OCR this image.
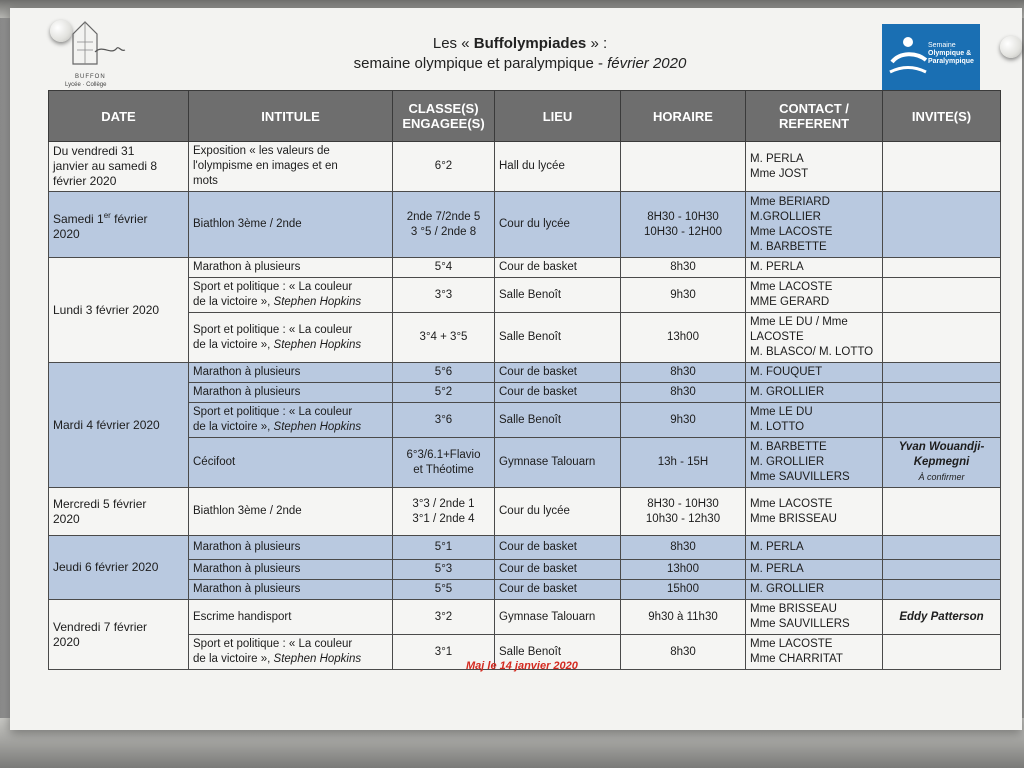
BUFFON
Lycée · Collège
Semaine
Olympique &
Paralympique
Les « Buffolympiades » :
semaine olympique et paralympique - février 2020
DATE	INTITULE	CLASSE(S)
ENGAGEE(S)	LIEU	HORAIRE	CONTACT /
REFERENT	INVITE(S)
Du vendredi 31
janvier au samedi 8
février 2020	Exposition « les valeurs de
l'olympisme en images et en
mots	6°2	Hall du lycée		M. PERLA
Mme JOST	
Samedi 1er février
2020	Biathlon 3ème / 2nde	2nde 7/2nde 5
3 °5 / 2nde 8	Cour du lycée	8H30 - 10H30
10H30 - 12H00	Mme BERIARD
M.GROLLIER
Mme LACOSTE
M. BARBETTE	
Lundi 3 février 2020	Marathon à plusieurs	5°4	Cour de basket	8h30	M. PERLA	
	Sport et politique : « La couleur
de la victoire », Stephen Hopkins	3°3	Salle Benoît	9h30	Mme LACOSTE
MME GERARD	
	Sport et politique : « La couleur
de la victoire », Stephen Hopkins	3°4 + 3°5	Salle Benoît	13h00	Mme LE DU / Mme
LACOSTE
M. BLASCO/ M. LOTTO	
Mardi 4 février 2020	Marathon à plusieurs	5°6	Cour de basket	8h30	M. FOUQUET	
	Marathon à plusieurs	5°2	Cour de basket	8h30	M. GROLLIER	
	Sport et politique : « La couleur
de la victoire », Stephen Hopkins	3°6	Salle Benoît	9h30	Mme LE DU
M. LOTTO	
	Cécifoot	6°3/6.1+Flavio
et Théotime	Gymnase Talouarn	13h - 15H	M. BARBETTE
M. GROLLIER
Mme SAUVILLERS	Yvan Wouandji-
Kepmegni
À confirmer

Mercredi 5 février
2020	Biathlon 3ème / 2nde	3°3 / 2nde 1
3°1 / 2nde 4	Cour du lycée	8H30 - 10H30
10h30 - 12h30	Mme LACOSTE
Mme BRISSEAU	
Jeudi 6 février 2020	Marathon à plusieurs	5°1	Cour de basket	8h30	M. PERLA	
	Marathon à plusieurs	5°3	Cour de basket	13h00	M. PERLA	
	Marathon à plusieurs	5°5	Cour de basket	15h00	M. GROLLIER	
Vendredi 7 février
2020	Escrime handisport	3°2	Gymnase Talouarn	9h30 à 11h30	Mme BRISSEAU
Mme SAUVILLERS	Eddy Patterson
	Sport et politique : « La couleur
de la victoire », Stephen Hopkins	3°1	Salle Benoît	8h30	Mme LACOSTE
Mme CHARRITAT	
Maj le 14 janvier 2020
